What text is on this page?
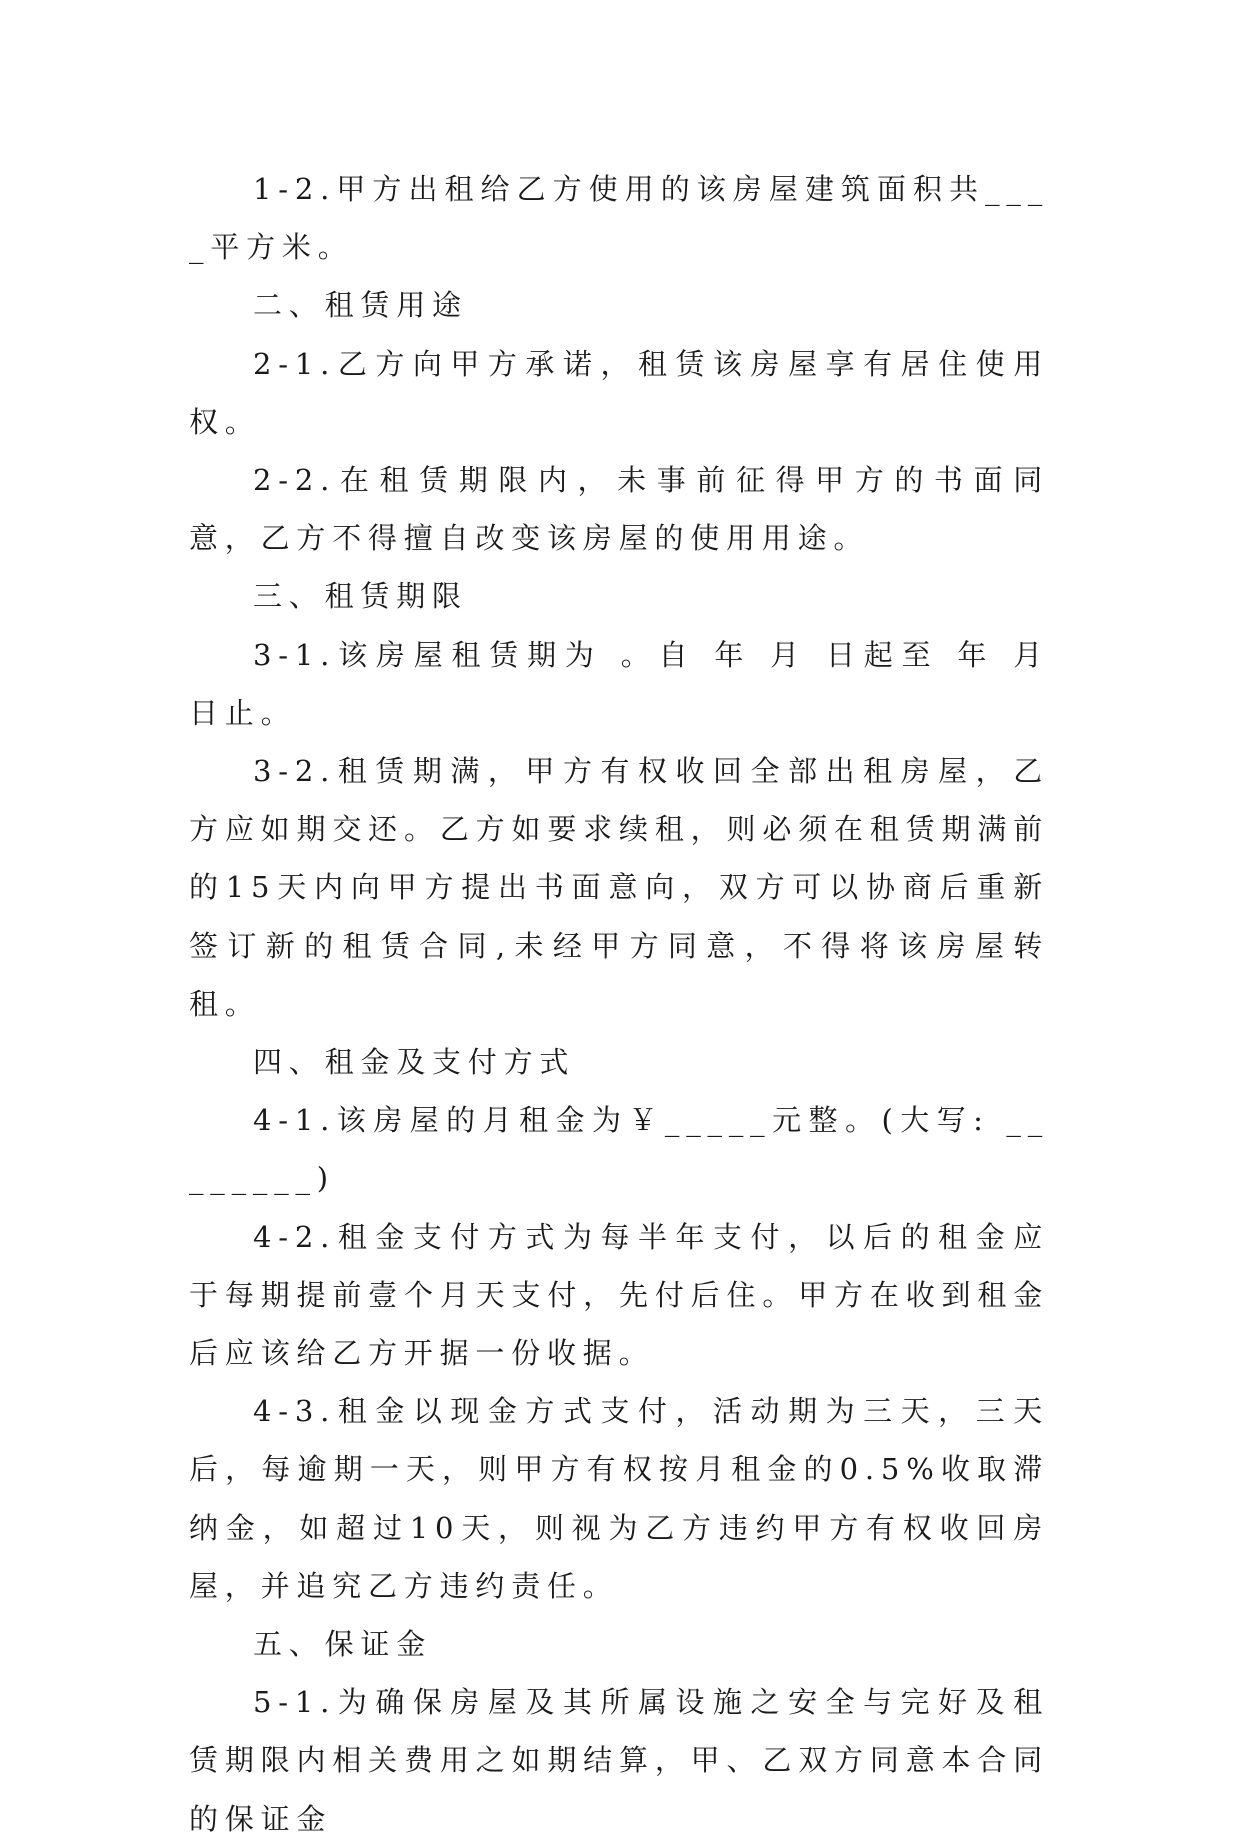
1-2.甲方出租给乙方使用的该房屋建筑面积共____平方米。

二、租赁用途

2-1.乙方向甲方承诺，租赁该房屋享有居住使用权。

2-2.在租赁期限内，未事前征得甲方的书面同意，乙方不得擅自改变该房屋的使用用途。

三、租赁期限

3-1.该房屋租赁期为 。自 年 月 日起至 年 月 日止。

3-2.租赁期满，甲方有权收回全部出租房屋，乙方应如期交还。乙方如要求续租，则必须在租赁期满前的15天内向甲方提出书面意向，双方可以协商后重新签订新的租赁合同,未经甲方同意，不得将该房屋转租。

四、租金及支付方式

4-1.该房屋的月租金为￥_____元整。(大写: ________)

4-2.租金支付方式为每半年支付，以后的租金应于每期提前壹个月天支付，先付后住。甲方在收到租金后应该给乙方开据一份收据。

4-3.租金以现金方式支付，活动期为三天，三天后，每逾期一天，则甲方有权按月租金的0.5%收取滞纳金，如超过10天，则视为乙方违约甲方有权收回房屋，并追究乙方违约责任。

五、保证金

5-1.为确保房屋及其所属设施之安全与完好及租赁期限内相关费用之如期结算，甲、乙双方同意本合同的保证金
